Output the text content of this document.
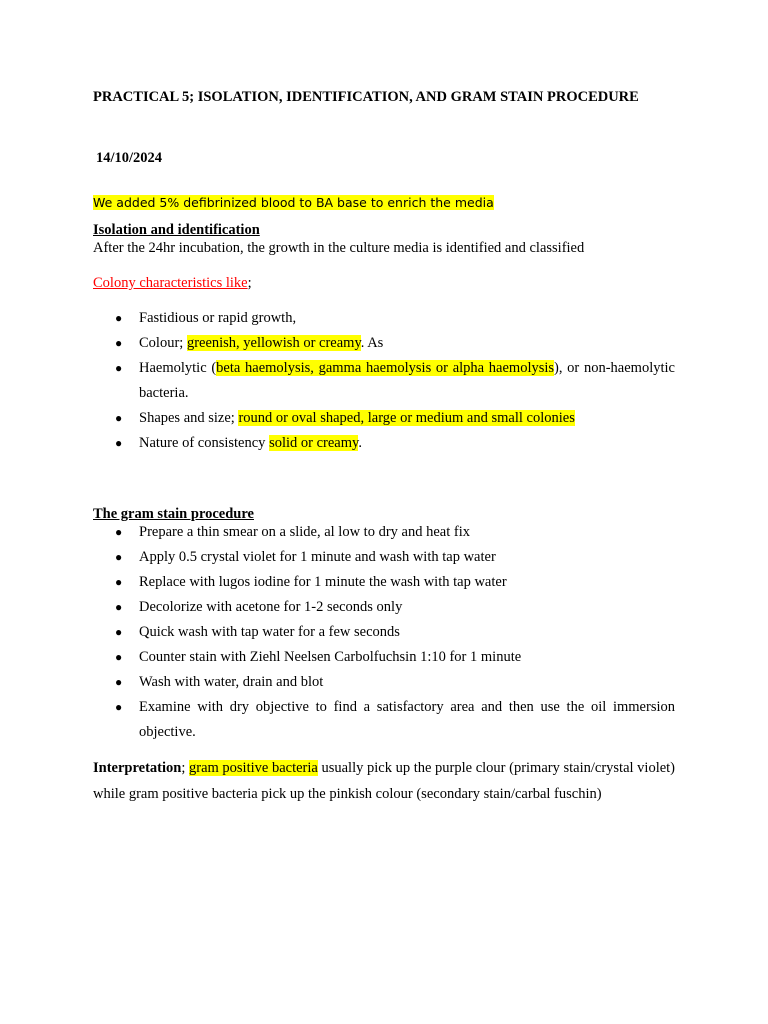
PRACTICAL 5; ISOLATION, IDENTIFICATION, AND GRAM STAIN PROCEDURE

14/10/2024

We added 5% defibrinized blood to BA base to enrich the media

Isolation and identification

After the 24hr incubation, the growth in the culture media is identified and classified

Colony characteristics like;

● Fastidious or rapid growth,
● Colour; greenish, yellowish or creamy. As
● Haemolytic (beta haemolysis, gamma haemolysis or alpha haemolysis), or non-haemolytic bacteria.
● Shapes and size; round or oval shaped, large or medium and small colonies
● Nature of consistency solid or creamy.

The gram stain procedure

● Prepare a thin smear on a slide, al low to dry and heat fix
● Apply 0.5 crystal violet for 1 minute and wash with tap water
● Replace with lugos iodine for 1 minute the wash with tap water
● Decolorize with acetone for 1-2 seconds only
● Quick wash with tap water for a few seconds
● Counter stain with Ziehl Neelsen Carbolfuchsin 1:10 for 1 minute
● Wash with water, drain and blot
● Examine with dry objective to find a satisfactory area and then use the oil immersion objective.

Interpretation; gram positive bacteria usually pick up the purple clour (primary stain/crystal violet) while gram positive bacteria pick up the pinkish colour (secondary stain/carbal fuschin)
